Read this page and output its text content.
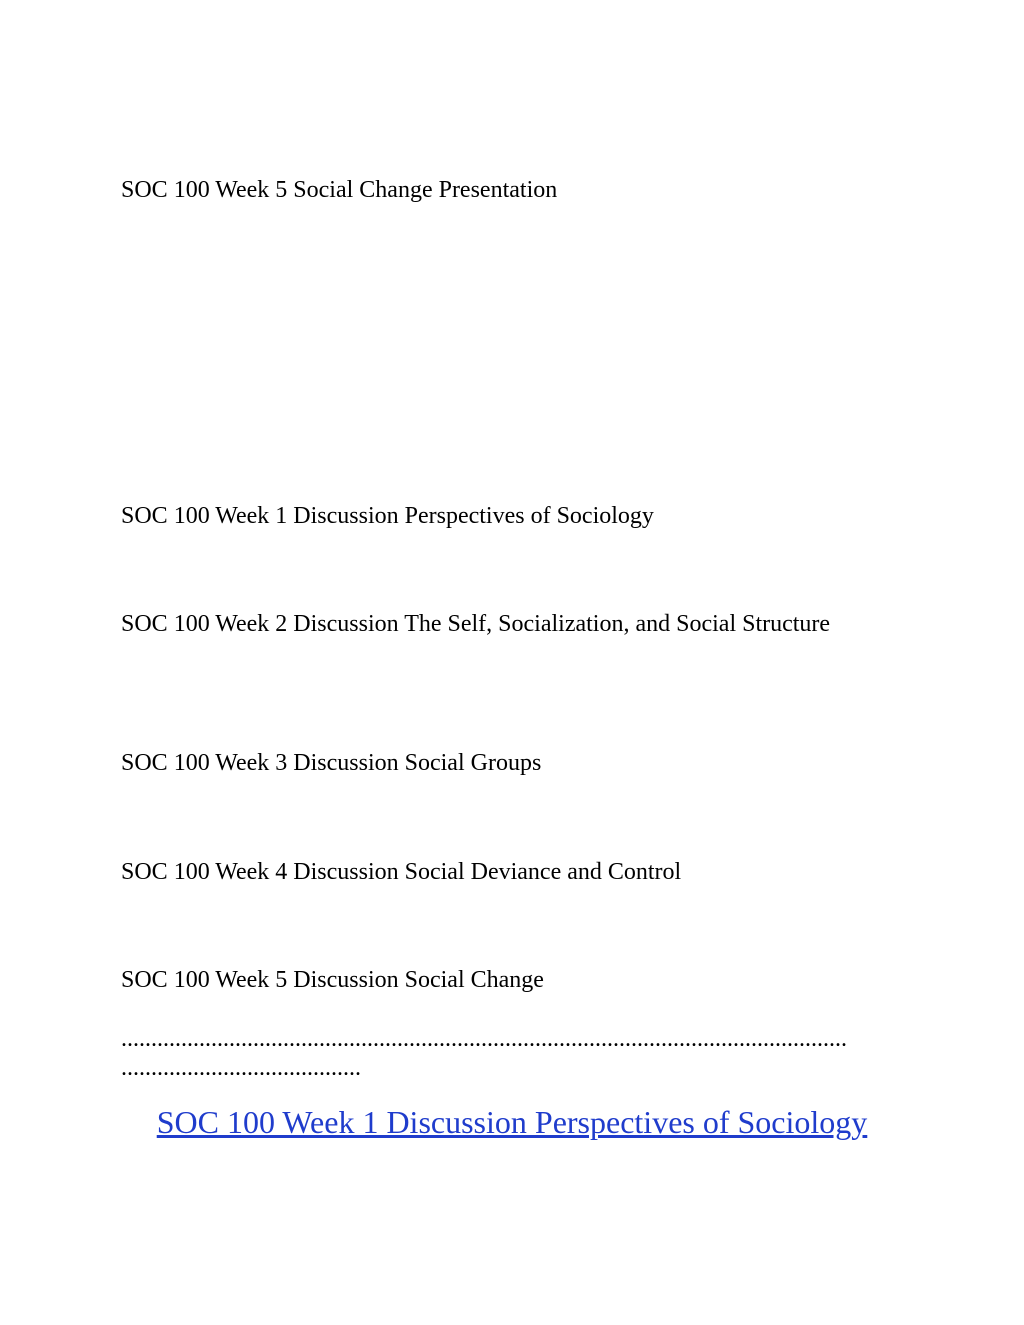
SOC 100 Week 5 Social Change Presentation

SOC 100 Week 1 Discussion Perspectives of Sociology

SOC 100 Week 2 Discussion The Self, Socialization, and Social Structure

SOC 100 Week 3 Discussion Social Groups

SOC 100 Week 4 Discussion Social Deviance and Control

SOC 100 Week 5 Discussion Social Change

.........................................................................................................................

........................................

SOC 100 Week 1 Discussion Perspectives of Sociology
